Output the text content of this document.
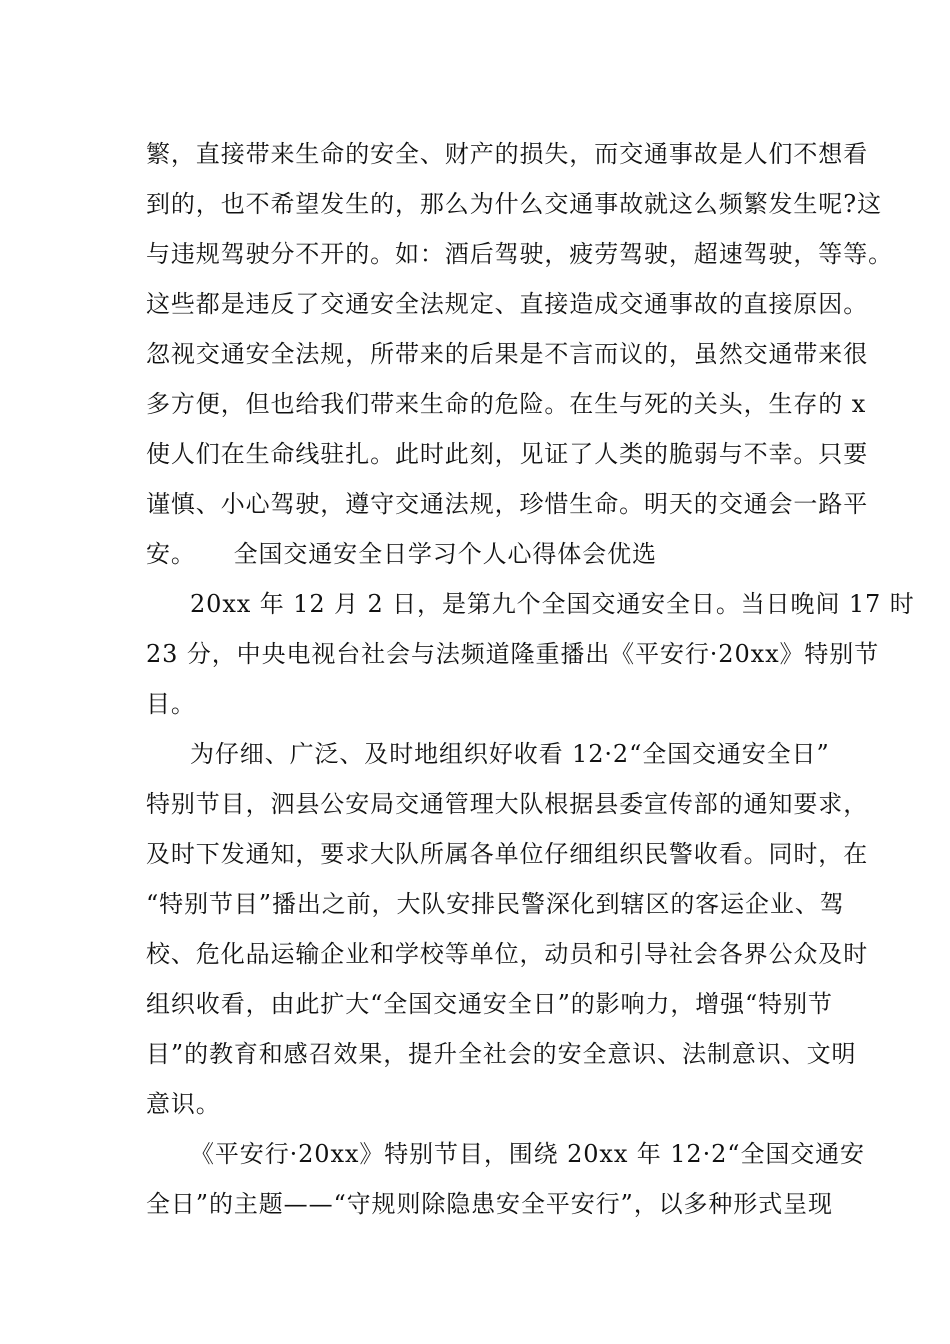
繁，直接带来生命的安全、财产的损失，而交通事故是人们不想看
到的，也不希望发生的，那么为什么交通事故就这么频繁发生呢?这
与违规驾驶分不开的。如：酒后驾驶，疲劳驾驶，超速驾驶，等等。
这些都是违反了交通安全法规定、直接造成交通事故的直接原因。
忽视交通安全法规，所带来的后果是不言而议的，虽然交通带来很
多方便，但也给我们带来生命的危险。在生与死的关头，生存的 x
使人们在生命线驻扎。此时此刻，见证了人类的脆弱与不幸。只要
谨慎、小心驾驶，遵守交通法规，珍惜生命。明天的交通会一路平
安。　　全国交通安全日学习个人心得体会优选
20xx 年 12 月 2 日，是第九个全国交通安全日。当日晚间 17 时
23 分，中央电视台社会与法频道隆重播出《平安行·20xx》特别节
目。
为仔细、广泛、及时地组织好收看 12·2“全国交通安全日”
特别节目，泗县公安局交通管理大队根据县委宣传部的通知要求，
及时下发通知，要求大队所属各单位仔细组织民警收看。同时，在
“特别节目”播出之前，大队安排民警深化到辖区的客运企业、驾
校、危化品运输企业和学校等单位，动员和引导社会各界公众及时
组织收看，由此扩大“全国交通安全日”的影响力，增强“特别节
目”的教育和感召效果，提升全社会的安全意识、法制意识、文明
意识。
《平安行·20xx》特别节目，围绕 20xx 年 12·2“全国交通安
全日”的主题——“守规则除隐患安全平安行”，以多种形式呈现
